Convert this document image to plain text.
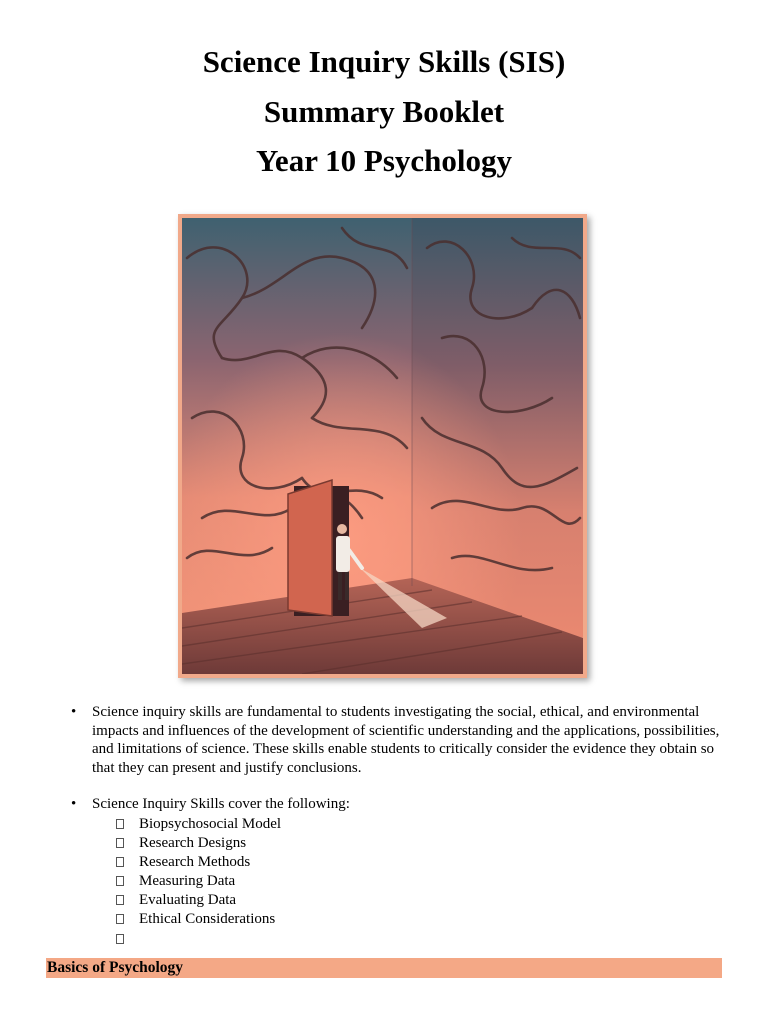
Science Inquiry Skills (SIS)
Summary Booklet
Year 10 Psychology
• Science inquiry skills are fundamental to students investigating the social, ethical, and environmental impacts and influences of the development of scientific understanding and the applications, possibilities, and limitations of science. These skills enable students to critically consider the evidence they obtain so that they can present and justify conclusions.
• Science Inquiry Skills cover the following:
Biopsychosocial Model
Research Designs
Research Methods
Measuring Data
Evaluating Data
Ethical Considerations
Basics of Psychology
